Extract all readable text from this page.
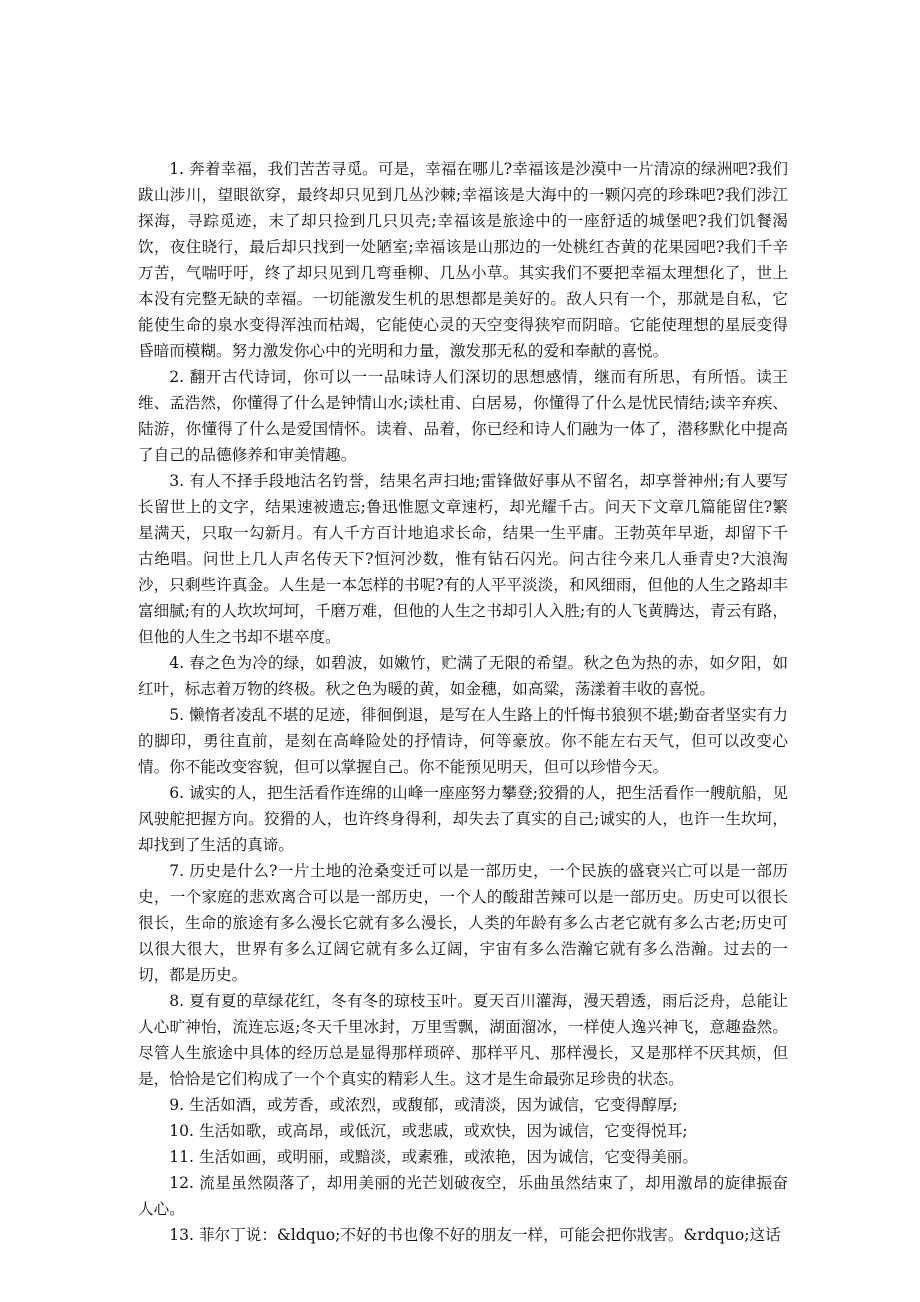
1. 奔着幸福，我们苦苦寻觅。可是，幸福在哪儿?幸福该是沙漠中一片清凉的绿洲吧?我们跋山涉川，望眼欲穿，最终却只见到几丛沙棘;幸福该是大海中的一颗闪亮的珍珠吧?我们涉江探海，寻踪觅迹，末了却只捡到几只贝壳;幸福该是旅途中的一座舒适的城堡吧?我们饥餐渴饮，夜住晓行，最后却只找到一处陋室;幸福该是山那边的一处桃红杏黄的花果园吧?我们千辛万苦，气喘吁吁，终了却只见到几弯垂柳、几丛小草。其实我们不要把幸福太理想化了，世上本没有完整无缺的幸福。一切能激发生机的思想都是美好的。敌人只有一个，那就是自私，它能使生命的泉水变得浑浊而枯竭，它能使心灵的天空变得狭窄而阴暗。它能使理想的星辰变得昏暗而模糊。努力激发你心中的光明和力量，激发那无私的爱和奉献的喜悦。

2. 翻开古代诗词，你可以一一品味诗人们深切的思想感情，继而有所思，有所悟。读王维、孟浩然，你懂得了什么是钟情山水;读杜甫、白居易，你懂得了什么是忧民情结;读辛弃疾、陆游，你懂得了什么是爱国情怀。读着、品着，你已经和诗人们融为一体了，潜移默化中提高了自己的品德修养和审美情趣。

3. 有人不择手段地沽名钓誉，结果名声扫地;雷锋做好事从不留名，却享誉神州;有人要写长留世上的文字，结果速被遗忘;鲁迅惟愿文章速朽，却光耀千古。问天下文章几篇能留住?繁星满天，只取一勾新月。有人千方百计地追求长命，结果一生平庸。王勃英年早逝，却留下千古绝唱。问世上几人声名传天下?恒河沙数，惟有钻石闪光。问古往今来几人垂青史?大浪淘沙，只剩些许真金。人生是一本怎样的书呢?有的人平平淡淡，和风细雨，但他的人生之路却丰富细腻;有的人坎坎坷坷，千磨万难，但他的人生之书却引人入胜;有的人飞黄腾达，青云有路，但他的人生之书却不堪卒度。

4. 春之色为冷的绿，如碧波，如嫩竹，贮满了无限的希望。秋之色为热的赤，如夕阳，如红叶，标志着万物的终极。秋之色为暖的黄，如金穗，如高粱，荡漾着丰收的喜悦。

5. 懒惰者凌乱不堪的足迹，徘徊倒退，是写在人生路上的忏悔书狼狈不堪;勤奋者坚实有力的脚印，勇往直前，是刻在高峰险处的抒情诗，何等豪放。你不能左右天气，但可以改变心情。你不能改变容貌，但可以掌握自己。你不能预见明天，但可以珍惜今天。

6. 诚实的人，把生活看作连绵的山峰一座座努力攀登;狡猾的人，把生活看作一艘航船，见风驶舵把握方向。狡猾的人，也许终身得利，却失去了真实的自己;诚实的人，也许一生坎坷，却找到了生活的真谛。

7. 历史是什么?一片土地的沧桑变迁可以是一部历史，一个民族的盛衰兴亡可以是一部历史，一个家庭的悲欢离合可以是一部历史，一个人的酸甜苦辣可以是一部历史。历史可以很长很长，生命的旅途有多么漫长它就有多么漫长，人类的年龄有多么古老它就有多么古老;历史可以很大很大，世界有多么辽阔它就有多么辽阔，宇宙有多么浩瀚它就有多么浩瀚。过去的一切，都是历史。

8. 夏有夏的草绿花红，冬有冬的琼枝玉叶。夏天百川灌海，漫天碧透，雨后泛舟，总能让人心旷神怡，流连忘返;冬天千里冰封，万里雪飘，湖面溜冰，一样使人逸兴神飞，意趣盎然。尽管人生旅途中具体的经历总是显得那样琐碎、那样平凡、那样漫长，又是那样不厌其烦，但是，恰恰是它们构成了一个个真实的精彩人生。这才是生命最弥足珍贵的状态。

9. 生活如酒，或芳香，或浓烈，或馥郁，或清淡，因为诚信，它变得醇厚;

10. 生活如歌，或高昂，或低沉，或悲戚，或欢快，因为诚信，它变得悦耳;

11. 生活如画，或明丽，或黯淡，或素雅，或浓艳，因为诚信，它变得美丽。

12. 流星虽然陨落了，却用美丽的光芒划破夜空，乐曲虽然结束了，却用激昂的旋律振奋人心。

13. 菲尔丁说：&ldquo;不好的书也像不好的朋友一样，可能会把你戕害。&rdquo;这话
